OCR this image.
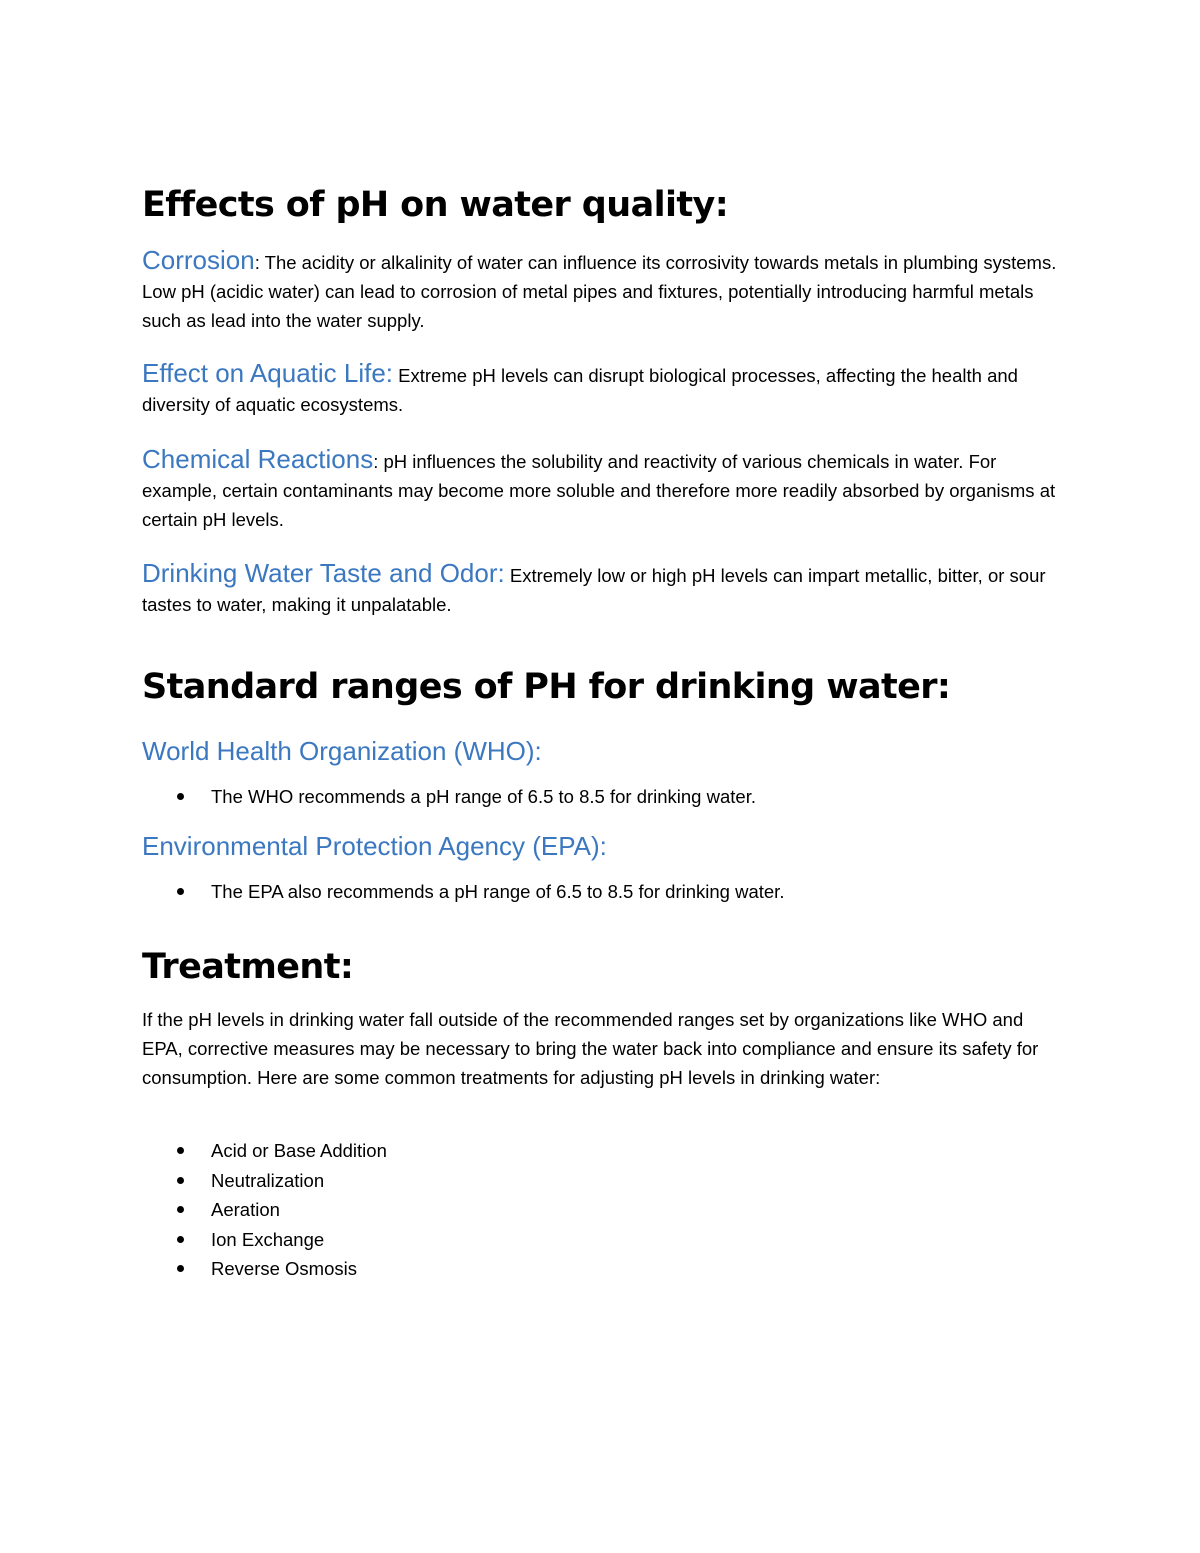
Effects of pH on water quality:

Corrosion: The acidity or alkalinity of water can influence its corrosivity towards metals in plumbing systems. Low pH (acidic water) can lead to corrosion of metal pipes and fixtures, potentially introducing harmful metals such as lead into the water supply.

Effect on Aquatic Life: Extreme pH levels can disrupt biological processes, affecting the health and diversity of aquatic ecosystems.

Chemical Reactions: pH influences the solubility and reactivity of various chemicals in water. For example, certain contaminants may become more soluble and therefore more readily absorbed by organisms at certain pH levels.

Drinking Water Taste and Odor: Extremely low or high pH levels can impart metallic, bitter, or sour tastes to water, making it unpalatable.

Standard ranges of PH for drinking water:
World Health Organization (WHO):
The WHO recommends a pH range of 6.5 to 8.5 for drinking water.
Environmental Protection Agency (EPA):
The EPA also recommends a pH range of 6.5 to 8.5 for drinking water.
Treatment:

If the pH levels in drinking water fall outside of the recommended ranges set by organizations like WHO and EPA, corrective measures may be necessary to bring the water back into compliance and ensure its safety for consumption. Here are some common treatments for adjusting pH levels in drinking water:

Acid or Base Addition
Neutralization
Aeration
Ion Exchange
Reverse Osmosis
